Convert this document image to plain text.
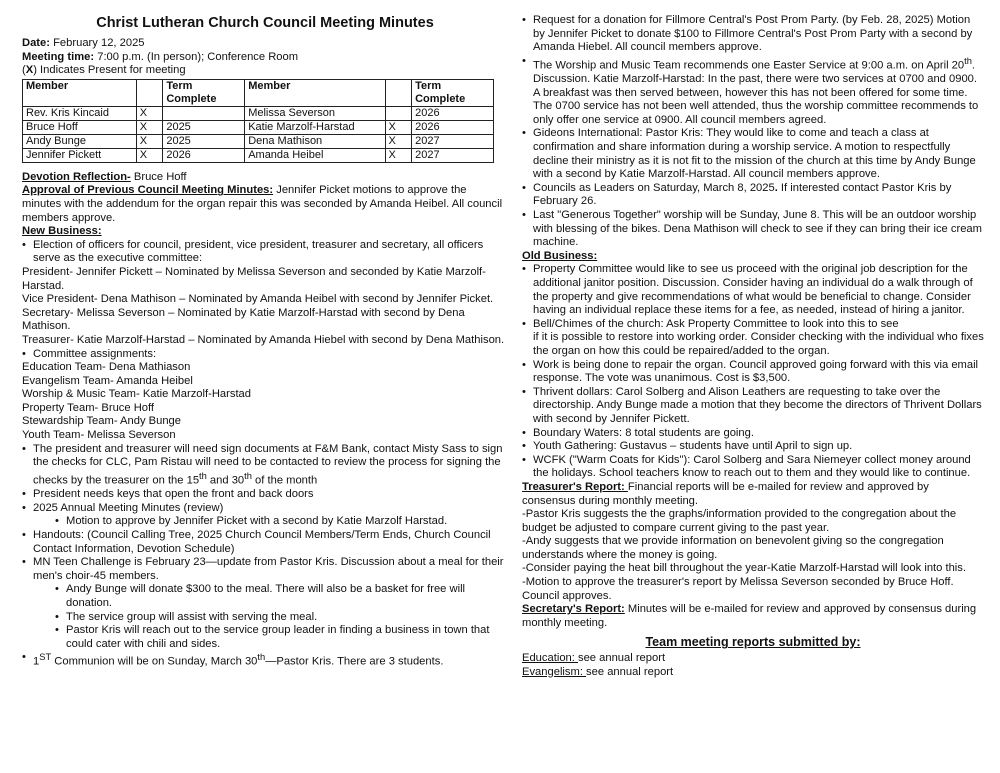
Christ Lutheran Church Council Meeting Minutes

Date: February 12, 2025

Meeting time: 7:00 p.m. (In person); Conference Room

(X) Indicates Present for meeting

Member		Term Complete	Member		Term Complete
Rev. Kris Kincaid	X		Melissa Severson		2026
Bruce Hoff	X	2025	Katie Marzolf-Harstad	X	2026
Andy Bunge	X	2025	Dena Mathison	X	2027
Jennifer Pickett	X	2026	Amanda Heibel	X	2027

Devotion Reflection- Bruce Hoff

Approval of Previous Council Meeting Minutes: Jennifer Picket motions to approve the minutes with the addendum for the organ repair this was seconded by Amanda Heibel. All council members approve.

New Business:

• Election of officers for council, president, vice president, treasurer and secretary, all officers serve as the executive committee:

President- Jennifer Pickett – Nominated by Melissa Severson and seconded by Katie Marzolf-Harstad.

Vice President- Dena Mathison – Nominated by Amanda Heibel with second by Jennifer Picket.

Secretary- Melissa Severson – Nominated by Katie Marzolf-Harstad with second by Dena Mathison.

Treasurer- Katie Marzolf-Harstad – Nominated by Amanda Hiebel with second by Dena Mathison.

• Committee assignments:

Education Team- Dena Mathiason

Evangelism Team- Amanda Heibel

Worship & Music Team- Katie Marzolf-Harstad

Property Team- Bruce Hoff

Stewardship Team- Andy Bunge

Youth Team- Melissa Severson

• The president and treasurer will need sign documents at F&M Bank, contact Misty Sass to sign the checks for CLC, Pam Ristau will need to be contacted to review the process for signing the checks by the treasurer on the 15th and 30th of the month

• President needs keys that open the front and back doors

• 2025 Annual Meeting Minutes (review)

• Motion to approve by Jennifer Picket with a second by Katie Marzolf Harstad.

• Handouts: (Council Calling Tree, 2025 Church Council Members/Term Ends, Church Council Contact Information, Devotion Schedule)

• MN Teen Challenge is February 23—update from Pastor Kris. Discussion about a meal for their men's choir-45 members.

• Andy Bunge will donate $300 to the meal. There will also be a basket for free will donation.

• The service group will assist with serving the meal.

• Pastor Kris will reach out to the service group leader in finding a business in town that could cater with chili and sides.

• 1ST Communion will be on Sunday, March 30th—Pastor Kris. There are 3 students.

• Request for a donation for Fillmore Central's Post Prom Party. (by Feb. 28, 2025) Motion by Jennifer Picket to donate $100 to Fillmore Central's Post Prom Party with a second by Amanda Hiebel. All council members approve.

• The Worship and Music Team recommends one Easter Service at 9:00 a.m. on April 20th. Discussion. Katie Marzolf-Harstad: In the past, there were two services at 0700 and 0900. A breakfast was then served between, however this has not been offered for some time. The 0700 service has not been well attended, thus the worship committee recommends to only offer one service at 0900. All council members agreed.

• Gideons International: Pastor Kris: They would like to come and teach a class at confirmation and share information during a worship service. A motion to respectfully decline their ministry as it is not fit to the mission of the church at this time by Andy Bunge with a second by Katie Marzolf-Harstad. All council members approve.

• Councils as Leaders on Saturday, March 8, 2025. If interested contact Pastor Kris by February 26.

• Last "Generous Together" worship will be Sunday, June 8. This will be an outdoor worship with blessing of the bikes. Dena Mathison will check to see if they can bring their ice cream machine.

Old Business:

• Property Committee would like to see us proceed with the original job description for the additional janitor position. Discussion. Consider having an individual do a walk through of the property and give recommendations of what would be beneficial to change. Consider having an individual replace these items for a fee, as needed, instead of hiring a janitor.

• Bell/Chimes of the church: Ask Property Committee to look into this to see

if it is possible to restore into working order. Consider checking with the individual who fixes the organ on how this could be repaired/added to the organ.

• Work is being done to repair the organ. Council approved going forward with this via email response. The vote was unanimous. Cost is $3,500.

• Thrivent dollars: Carol Solberg and Alison Leathers are requesting to take over the directorship. Andy Bunge made a motion that they become the directors of Thrivent Dollars with second by Jennifer Pickett.

• Boundary Waters: 8 total students are going.

• Youth Gathering: Gustavus – students have until April to sign up.

• WCFK ("Warm Coats for Kids"): Carol Solberg and Sara Niemeyer collect money around the holidays. School teachers know to reach out to them and they would like to continue.

Treasurer's Report: Financial reports will be e-mailed for review and approved by consensus during monthly meeting.

-Pastor Kris suggests the the graphs/information provided to the congregation about the budget be adjusted to compare current giving to the past year.

-Andy suggests that we provide information on benevolent giving so the congregation understands where the money is going.

-Consider paying the heat bill throughout the year-Katie Marzolf-Harstad will look into this.

-Motion to approve the treasurer's report by Melissa Severson seconded by Bruce Hoff. Council approves.

Secretary's Report: Minutes will be e-mailed for review and approved by consensus during monthly meeting.

Team meeting reports submitted by:

Education: see annual report

Evangelism: see annual report
